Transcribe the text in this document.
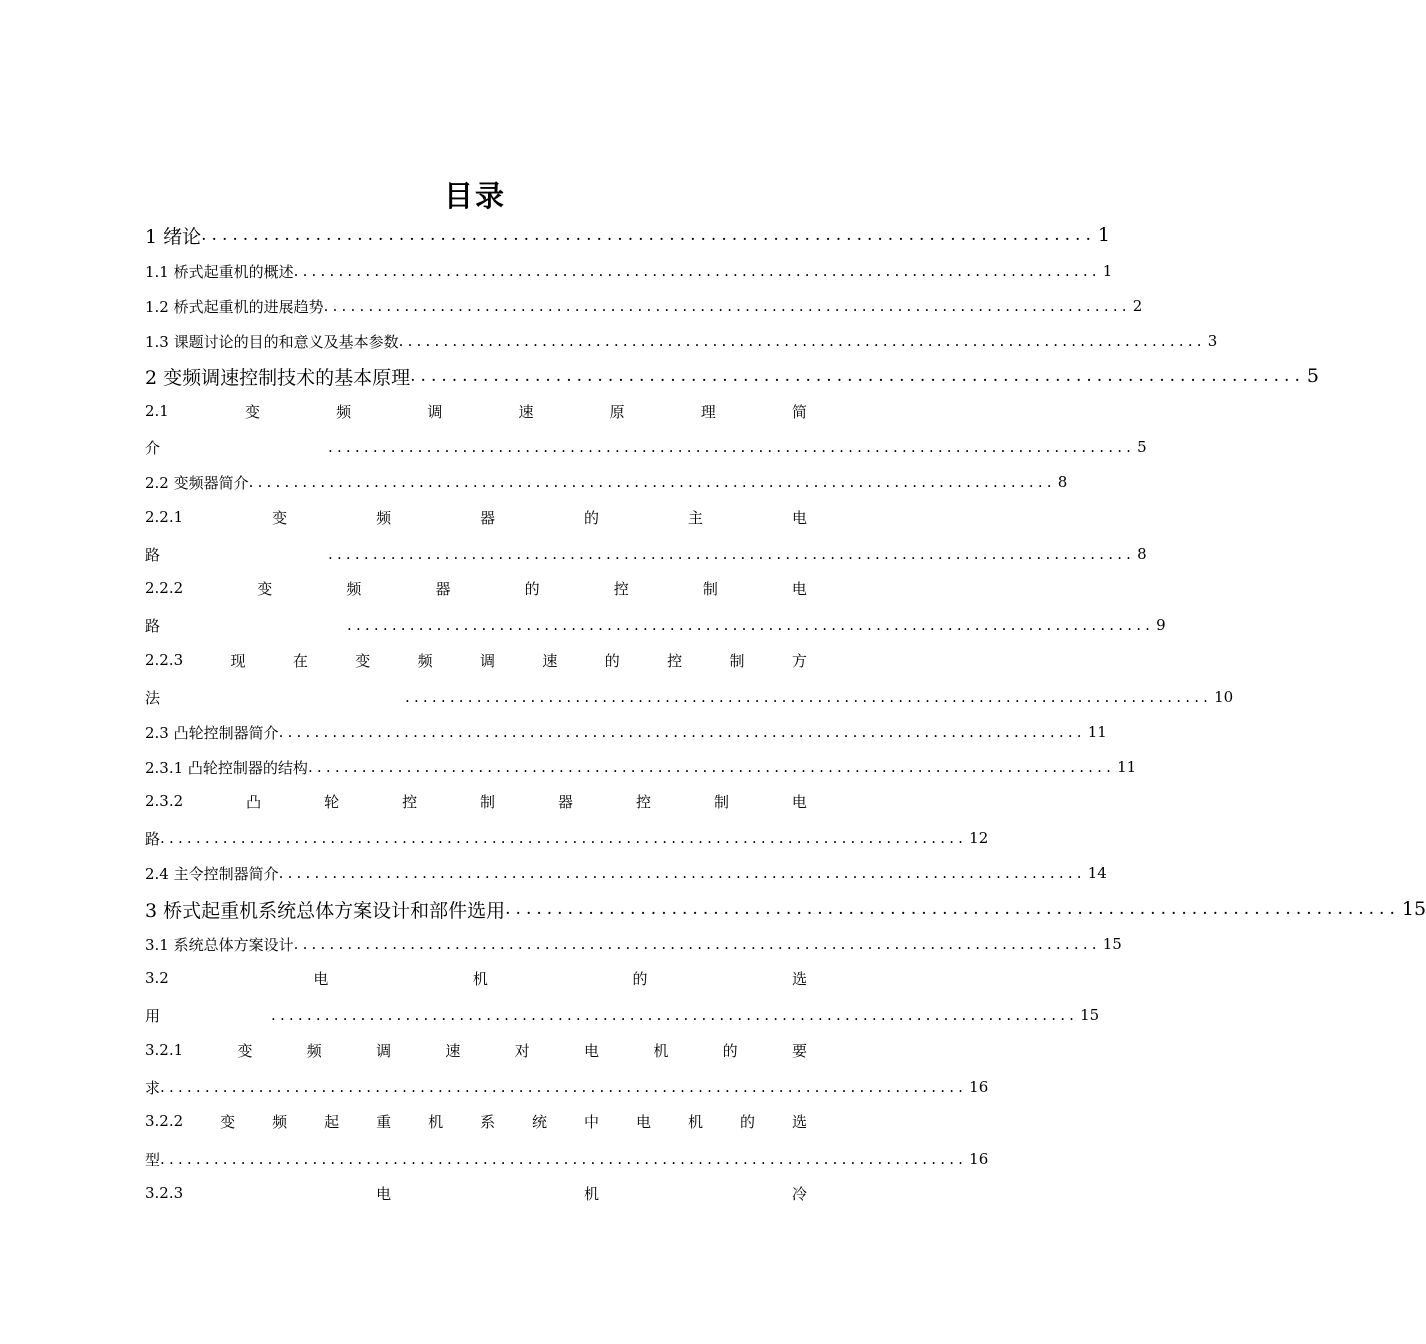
目录
1 绪论 ...................................................................................... 1
1.1 桥式起重机的概述 .......................................................................................... 1
1.2 桥式起重机的进展趋势 .......................................................................................... 2
1.3 课题讨论的目的和意义及基本参数 .......................................................................................... 3
2 变频调速控制技术的基本原理 ...................................................................................... 5
2.1	变	频	调	速	原	理	简
介	.......................................................................................... 5
2.2 变频器简介 .......................................................................................... 8
2.2.1	变	频	器	的	主	电
路	.......................................................................................... 8
2.2.2	变	频	器	的	控	制	电
路	.......................................................................................... 9
2.2.3	现	在	变	频	调	速	的	控	制	方
法	.......................................................................................... 10
2.3 凸轮控制器简介 .......................................................................................... 11
2.3.1 凸轮控制器的结构 .......................................................................................... 11
2.3.2	凸	轮	控	制	器	控	制	电
路 .......................................................................................... 12
2.4 主令控制器简介 .......................................................................................... 14
3 桥式起重机系统总体方案设计和部件选用 ...................................................................................... 15
3.1 系统总体方案设计 .......................................................................................... 15
3.2	电	机	的	选
用	.......................................................................................... 15
3.2.1	变	频	调	速	对	电	机	的	要
求 .......................................................................................... 16
3.2.2 变 频 起 重 机 系 统 中 电 机 的 选
型 .......................................................................................... 16
3.2.3	电	机	冷
